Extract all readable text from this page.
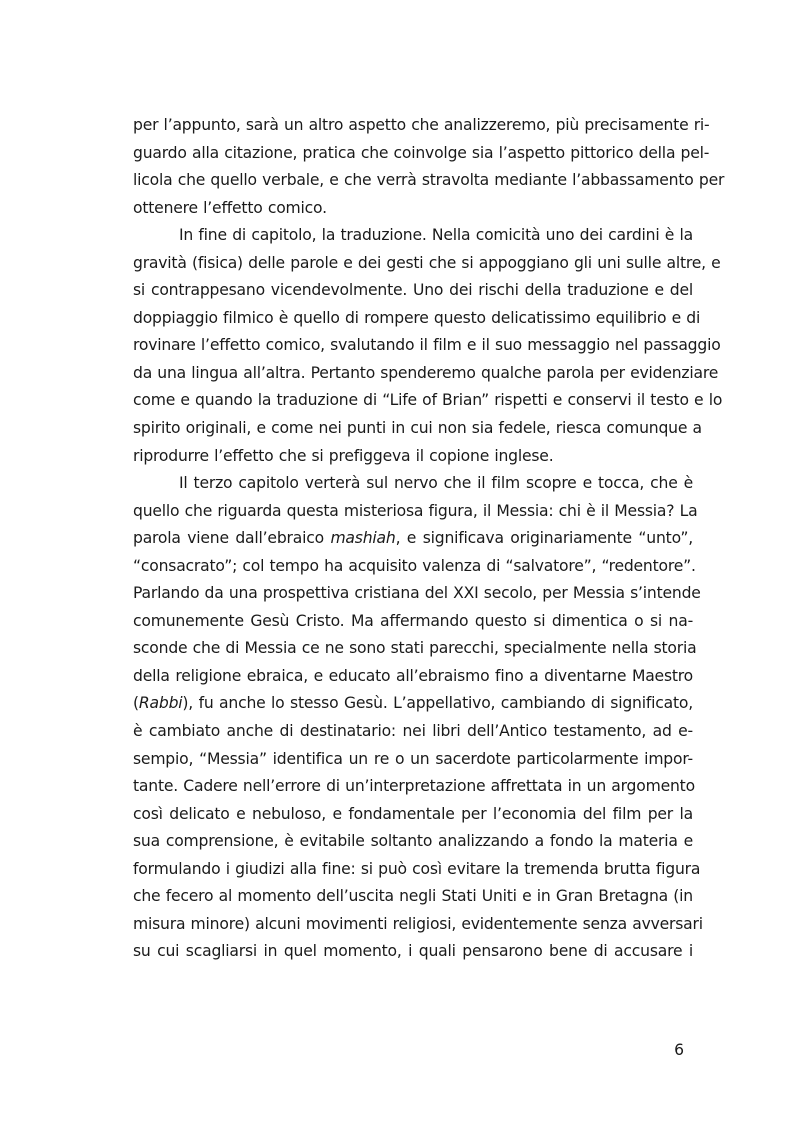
per l’appunto, sarà un altro aspetto che analizzeremo, più precisamente ri-
guardo alla citazione, pratica che coinvolge sia l’aspetto pittorico della pel-
licola che quello verbale, e che verrà stravolta mediante l’abbassamento per
ottenere l’effetto comico.
In fine di capitolo, la traduzione. Nella comicità uno dei cardini è la
gravità (fisica) delle parole e dei gesti che si appoggiano gli uni sulle altre, e
si contrappesano vicendevolmente. Uno dei rischi della traduzione e del
doppiaggio filmico è quello di rompere questo delicatissimo equilibrio e di
rovinare l’effetto comico, svalutando il film e il suo messaggio nel passaggio
da una lingua all’altra. Pertanto spenderemo qualche parola per evidenziare
come e quando la traduzione di “Life of Brian” rispetti e conservi il testo e lo
spirito originali, e come nei punti in cui non sia fedele, riesca comunque a
riprodurre l’effetto che si prefiggeva il copione inglese.
Il terzo capitolo verterà sul nervo che il film scopre e tocca, che è
quello che riguarda questa misteriosa figura, il Messia: chi è il Messia? La
parola viene dall’ebraico mashiah, e significava originariamente “unto”,
“consacrato”; col tempo ha acquisito valenza di “salvatore”, “redentore”.
Parlando da una prospettiva cristiana del XXI secolo, per Messia s’intende
comunemente Gesù Cristo. Ma affermando questo si dimentica o si na-
sconde che di Messia ce ne sono stati parecchi, specialmente nella storia
della religione ebraica, e educato all’ebraismo fino a diventarne Maestro
(Rabbi), fu anche lo stesso Gesù. L’appellativo, cambiando di significato,
è cambiato anche di destinatario: nei libri dell’Antico testamento, ad e-
sempio, “Messia” identifica un re o un sacerdote particolarmente impor-
tante. Cadere nell’errore di un’interpretazione affrettata in un argomento
così delicato e nebuloso, e fondamentale per l’economia del film per la
sua comprensione, è evitabile soltanto analizzando a fondo la materia e
formulando i giudizi alla fine: si può così evitare la tremenda brutta figura
che fecero al momento dell’uscita negli Stati Uniti e in Gran Bretagna (in
misura minore) alcuni movimenti religiosi, evidentemente senza avversari
su cui scagliarsi in quel momento, i quali pensarono bene di accusare i
6
